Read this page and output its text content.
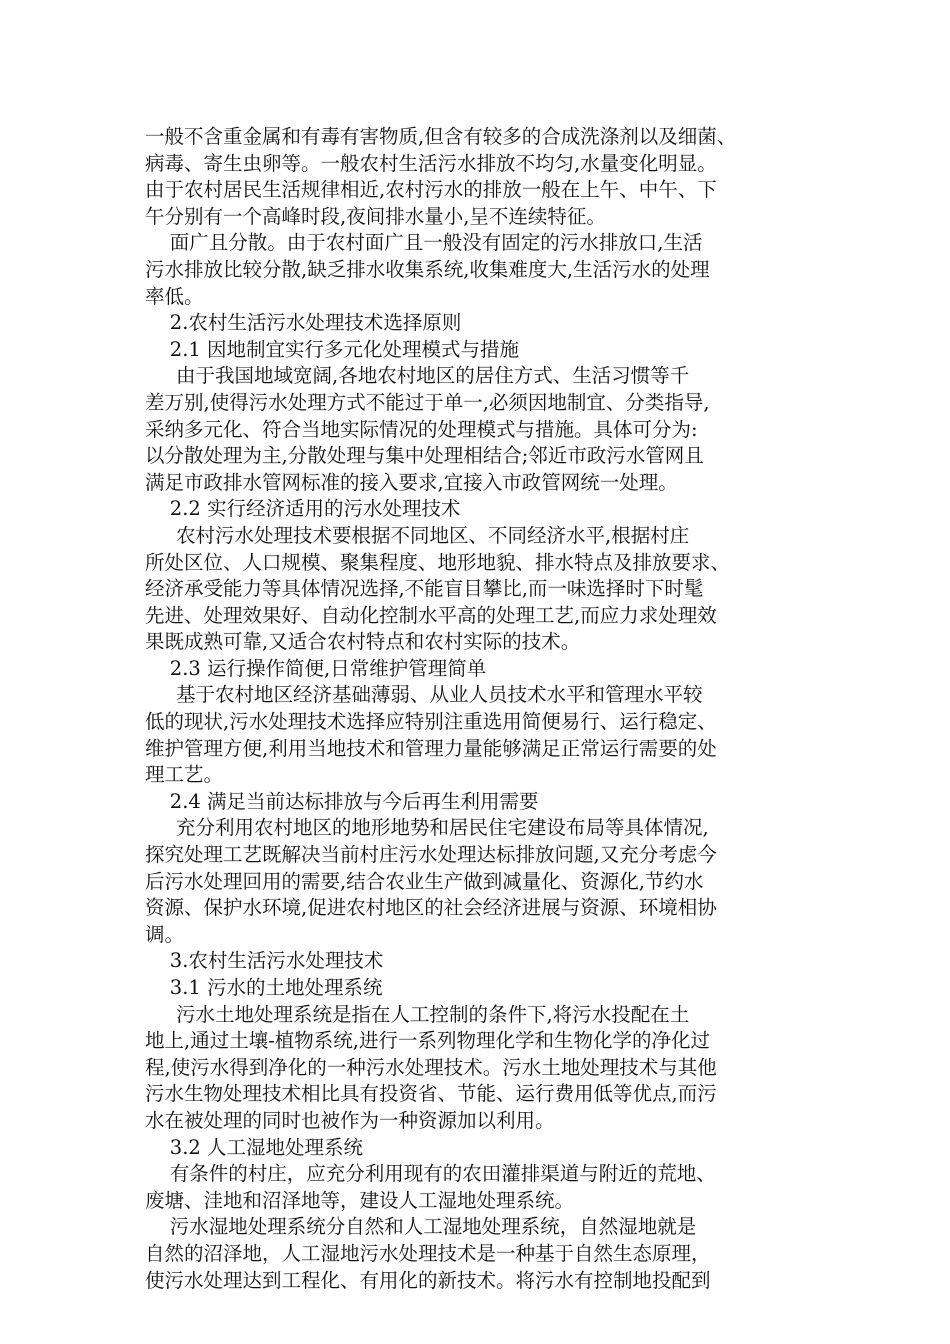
一般不含重金属和有毒有害物质,但含有较多的合成洗涤剂以及细菌、
病毒、寄生虫卵等。一般农村生活污水排放不均匀,水量变化明显。
由于农村居民生活规律相近,农村污水的排放一般在上午、中午、下
午分别有一个高峰时段,夜间排水量小,呈不连续特征。
面广且分散。由于农村面广且一般没有固定的污水排放口,生活
污水排放比较分散,缺乏排水收集系统,收集难度大,生活污水的处理
率低。
2.农村生活污水处理技术选择原则
2.1 因地制宜实行多元化处理模式与措施
由于我国地域宽阔,各地农村地区的居住方式、生活习惯等千
差万别,使得污水处理方式不能过于单一,必须因地制宜、分类指导,
采纳多元化、符合当地实际情况的处理模式与措施。具体可分为:
以分散处理为主,分散处理与集中处理相结合;邻近市政污水管网且
满足市政排水管网标准的接入要求,宜接入市政管网统一处理。
2.2 实行经济适用的污水处理技术
农村污水处理技术要根据不同地区、不同经济水平,根据村庄
所处区位、人口规模、聚集程度、地形地貌、排水特点及排放要求、
经济承受能力等具体情况选择,不能盲目攀比,而一味选择时下时髦
先进、处理效果好、自动化控制水平高的处理工艺,而应力求处理效
果既成熟可靠,又适合农村特点和农村实际的技术。
2.3 运行操作简便,日常维护管理简单
基于农村地区经济基础薄弱、从业人员技术水平和管理水平较
低的现状,污水处理技术选择应特别注重选用简便易行、运行稳定、
维护管理方便,利用当地技术和管理力量能够满足正常运行需要的处
理工艺。
2.4 满足当前达标排放与今后再生利用需要
充分利用农村地区的地形地势和居民住宅建设布局等具体情况,
探究处理工艺既解决当前村庄污水处理达标排放问题,又充分考虑今
后污水处理回用的需要,结合农业生产做到减量化、资源化,节约水
资源、保护水环境,促进农村地区的社会经济进展与资源、环境相协
调。
3.农村生活污水处理技术
3.1 污水的土地处理系统
污水土地处理系统是指在人工控制的条件下,将污水投配在土
地上,通过土壤-植物系统,进行一系列物理化学和生物化学的净化过
程,使污水得到净化的一种污水处理技术。污水土地处理技术与其他
污水生物处理技术相比具有投资省、节能、运行费用低等优点,而污
水在被处理的同时也被作为一种资源加以利用。
3.2 人工湿地处理系统
有条件的村庄，应充分利用现有的农田灌排渠道与附近的荒地、
废塘、洼地和沼泽地等，建设人工湿地处理系统。
污水湿地处理系统分自然和人工湿地处理系统，自然湿地就是
自然的沼泽地，人工湿地污水处理技术是一种基于自然生态原理，
使污水处理达到工程化、有用化的新技术。将污水有控制地投配到
